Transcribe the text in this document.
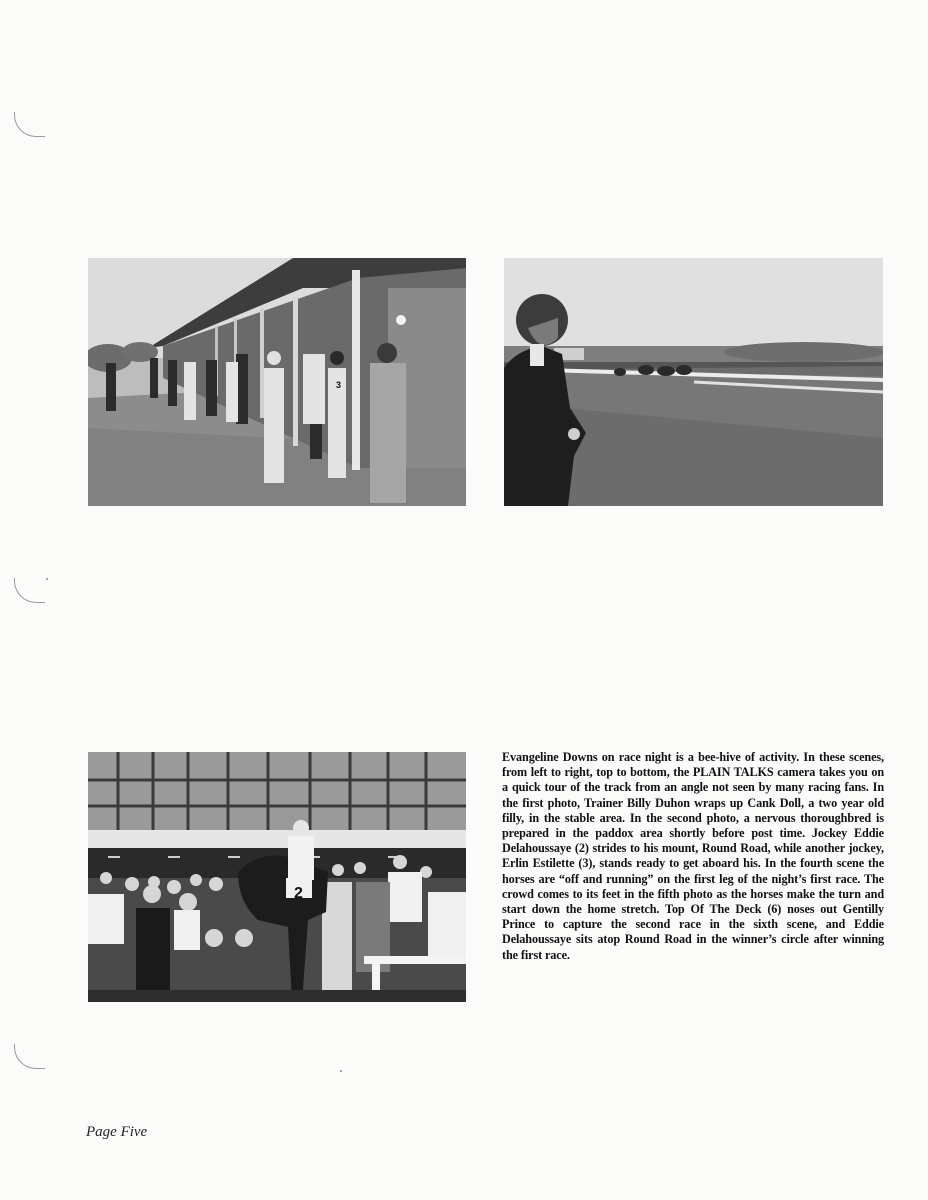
3
2
Evangeline Downs on race night is a bee-hive of activity. In these scenes, from left to right, top to bottom, the PLAIN TALKS camera takes you on a quick tour of the track from an angle not seen by many racing fans. In the first photo, Trainer Billy Duhon wraps up Cank Doll, a two year old filly, in the stable area. In the second photo, a nervous thoroughbred is prepared in the paddox area shortly before post time. Jockey Eddie Delahoussaye (2) strides to his mount, Round Road, while another jockey, Erlin Estilette (3), stands ready to get aboard his. In the fourth scene the horses are “off and running” on the first leg of the night’s first race. The crowd comes to its feet in the fifth photo as the horses make the turn and start down the home stretch. Top Of The Deck (6) noses out Gentilly Prince to capture the second race in the sixth scene, and Eddie Delahoussaye sits atop Round Road in the winner’s circle after winning the first race.
Page Five
